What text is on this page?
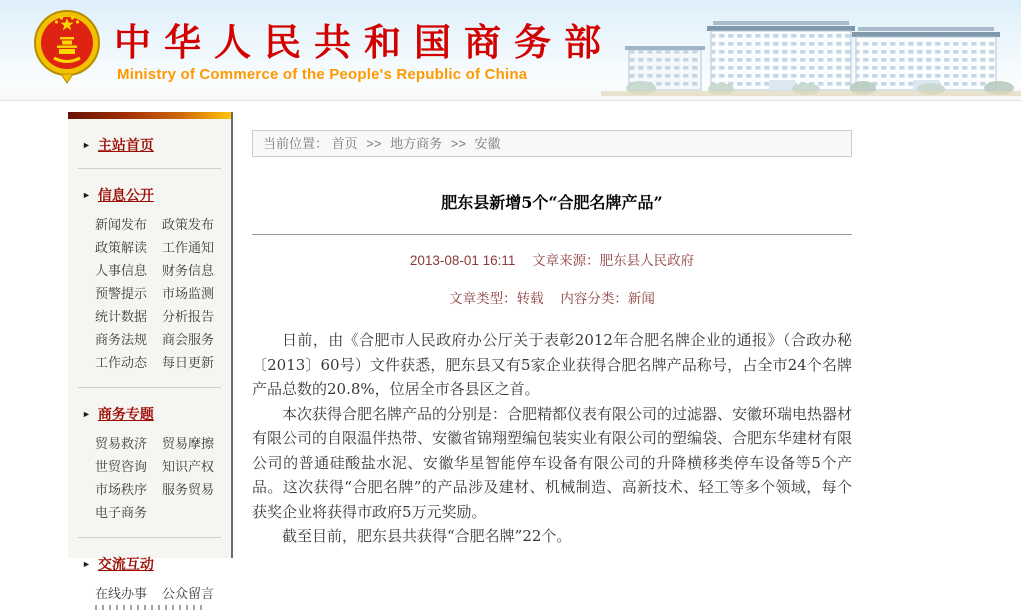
中华人民共和国商务部
Ministry of Commerce of the People's Republic of China
► 主站首页
► 信息公开
新闻发布 政策发布
政策解读 工作通知
人事信息 财务信息
预警提示 市场监测
统计数据 分析报告
商务法规 商会服务
工作动态 每日更新
► 商务专题
贸易救济 贸易摩擦
世贸咨询 知识产权
市场秩序 服务贸易
电子商务
► 交流互动
在线办事 公众留言
当前位置： 首页 >> 地方商务 >> 安徽
肥东县新增5个“合肥名牌产品”
2013-08-01 16:11 文章来源：肥东县人民政府
文章类型：转载 内容分类：新闻

日前，由《合肥市人民政府办公厅关于表彰2012年合肥名牌企业的通报》（合政办秘〔2013〕60号）文件获悉，肥东县又有5家企业获得合肥名牌产品称号，占全市24个名牌产品总数的20.8%，位居全市各县区之首。

本次获得合肥名牌产品的分别是：合肥精都仪表有限公司的过滤器、安徽环瑞电热器材有限公司的自限温伴热带、安徽省锦翔塑编包装实业有限公司的塑编袋、合肥东华建材有限公司的普通硅酸盐水泥、安徽华星智能停车设备有限公司的升降横移类停车设备等5个产品。这次获得“合肥名牌”的产品涉及建材、机械制造、高新技术、轻工等多个领域，每个获奖企业将获得市政府5万元奖励。

截至目前，肥东县共获得“合肥名牌”22个。
